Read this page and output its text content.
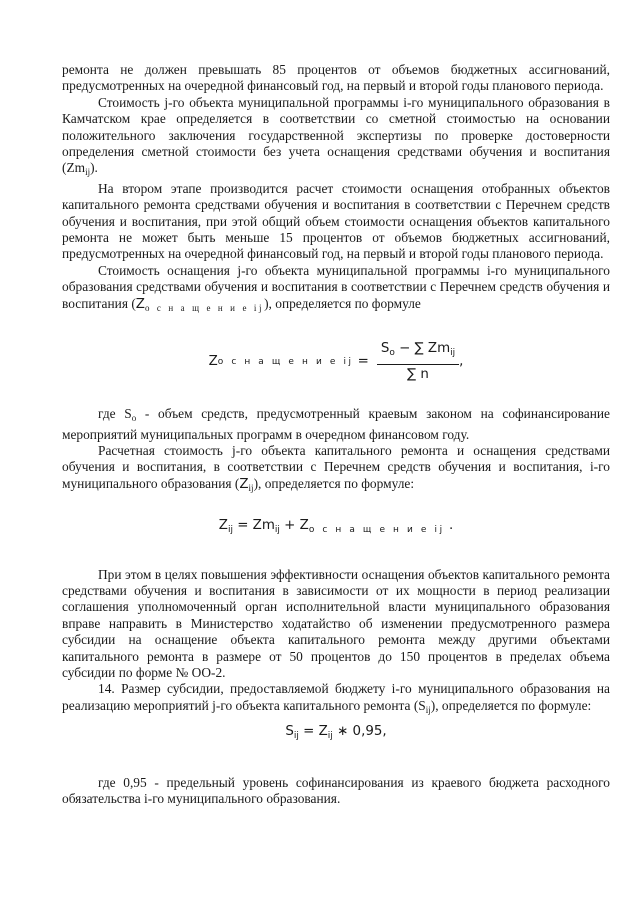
ремонта не должен превышать 85 процентов от объемов бюджетных ассигнований, предусмотренных на очередной финансовый год, на первый и второй годы планового периода.

Стоимость j-го объекта муниципальной программы i-го муниципального образования в Камчатском крае определяется в соответствии со сметной стоимостью на основании положительного заключения государственной экспертизы по проверке достоверности определения сметной стоимости без учета оснащения средствами обучения и воспитания $(Zm_{ij})$.

На втором этапе производится расчет стоимости оснащения отобранных объектов капитального ремонта средствами обучения и воспитания в соответствии с Перечнем средств обучения и воспитания, при этой общий объем стоимости оснащения объектов капитального ремонта не может быть меньше 15 процентов от объемов бюджетных ассигнований, предусмотренных на очередной финансовый год, на первый и второй годы планового периода.

Стоимость оснащения j-го объекта муниципальной программы i-го муниципального образования средствами обучения и воспитания в соответствии с Перечнем средств обучения и воспитания $(Z_{о с н а щ е н и е ij})$, определяется по формуле

Z о с н а щ е н и е ij = $\frac{S_o - \sum Zm_{ij}}{\sum n}$ ,

где $S_o$ - объем средств, предусмотренный краевым законом на софинансирование мероприятий муниципальных программ в очередном финансовом году.

Расчетная стоимость j-го объекта капитального ремонта и оснащения средствами обучения и воспитания, в соответствии с Перечнем средств обучения и воспитания, i-го муниципального образования $(Z_{ij})$, определяется по формуле:

$Z_{ij} = Zm_{ij} + Z_{о с н а щ е н и е ij}$ .

При этом в целях повышения эффективности оснащения объектов капитального ремонта средствами обучения и воспитания в зависимости от их мощности в период реализации соглашения уполномоченный орган исполнительной власти муниципального образования вправе направить в Министерство ходатайство об изменении предусмотренного размера субсидии на оснащение объекта капитального ремонта между другими объектами капитального ремонта в размере от 50 процентов до 150 процентов в пределах объема субсидии по форме № ОО-2.

14. Размер субсидии, предоставляемой бюджету i-го муниципального образования на реализацию мероприятий j-го объекта капитального ремонта $(S_{ij})$, определяется по формуле:

$S_{ij} = Z_{ij}$ ∗ 0,95,

где 0,95 - предельный уровень софинансирования из краевого бюджета расходного обязательства i-го муниципального образования.
